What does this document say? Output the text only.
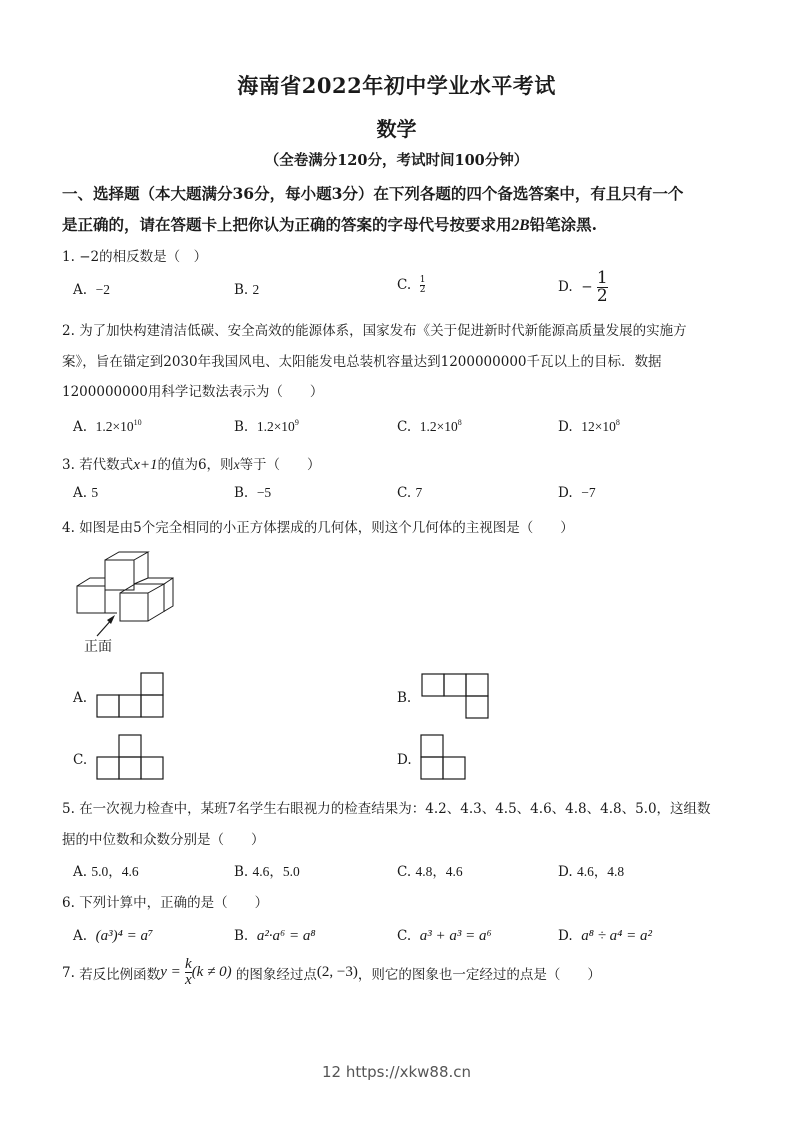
海南省2022年初中学业水平考试
数学
（全卷满分120分，考试时间100分钟）
一、选择题（本大题满分36分，每小题3分）在下列各题的四个备选答案中，有且只有一个
是正确的，请在答题卡上把你认为正确的答案的字母代号按要求用2B铅笔涂黑.
1. −2的相反数是（　）
A. −2	B. 2	C. $\frac{1}{2}$	D. − $\frac{1}{2}$
2. 为了加快构建清洁低碳、安全高效的能源体系，国家发布《关于促进新时代新能源高质量发展的实施方
案》，旨在锚定到2030年我国风电、太阳能发电总装机容量达到1200000000千瓦以上的目标．数据
1200000000用科学记数法表示为（　　）
A. $1.2\times 10^{10}$	B. $1.2\times 10^9$	C. $1.2\times 10^8$	D. $12\times 10^8$
3. 若代数式x+1的值为6，则x等于（　　）
A. 5	B. −5	C. 7	D. −7
4. 如图是由5个完全相同的小正方体摆成的几何体，则这个几何体的主视图是（　　）
正面
A.	B.
C.	D.
5. 在一次视力检查中，某班7名学生右眼视力的检查结果为：4.2、4.3、4.5、4.6、4.8、4.8、5.0，这组数
据的中位数和众数分别是（　　）
A. 5.0，4.6	B. 4.6，5.0	C. 4.8，4.6	D. 4.6，4.8
6. 下列计算中，正确的是（　　）
A. (a³)⁴ = a⁷	B. a²·a⁶ = a⁸	C. a³ + a³ = a⁶	D. a⁸ ÷ a⁴ = a²
7.
若反比例函数 y =
$\frac{k}{x} (k \ne 0)$
的图象经过点 (2, −3) ，则它的图象也一定经过的点是（　　）
12 https://xkw88.cn
